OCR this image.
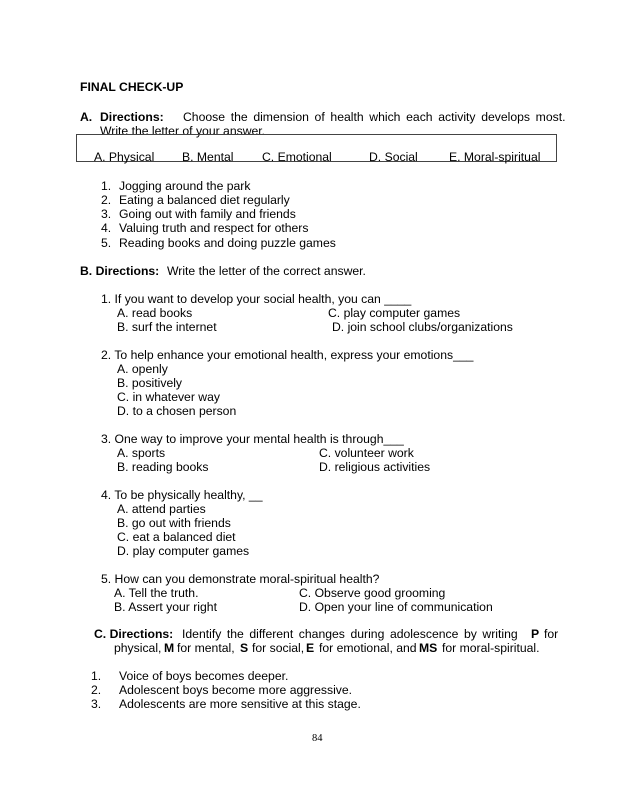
FINAL CHECK-UP
A. Directions: Choose the dimension of health which each activity develops most.
Write the letter of your answer.
A. Physical B. Mental C. Emotional	D. Social	E. Moral-spiritual
1. Jogging around the park
2. Eating a balanced diet regularly
3. Going out with family and friends
4. Valuing truth and respect for others
5. Reading books and doing puzzle games
B. Directions: Write the letter of the correct answer.
1. If you want to develop your social health, you can ____
A. read books	C. play computer games
B. surf the internet	D. join school clubs/organizations
2. To help enhance your emotional health, express your emotions___
A. openly
B. positively
C. in whatever way
D. to a chosen person
3. One way to improve your mental health is through___
A. sports	C. volunteer work
B. reading books	D. religious activities
4. To be physically healthy, __
A. attend parties
B. go out with friends
C. eat a balanced diet
D. play computer games
5. How can you demonstrate moral-spiritual health?
A. Tell the truth.	C. Observe good grooming
B. Assert your right	D. Open your line of communication
C. Directions: Identify the different changes during adolescence by writing P for
physical, M for mental, S for social, E for emotional, and MS for moral-spiritual.
1. Voice of boys becomes deeper.
2. Adolescent boys become more aggressive.
3. Adolescents are more sensitive at this stage.
84
